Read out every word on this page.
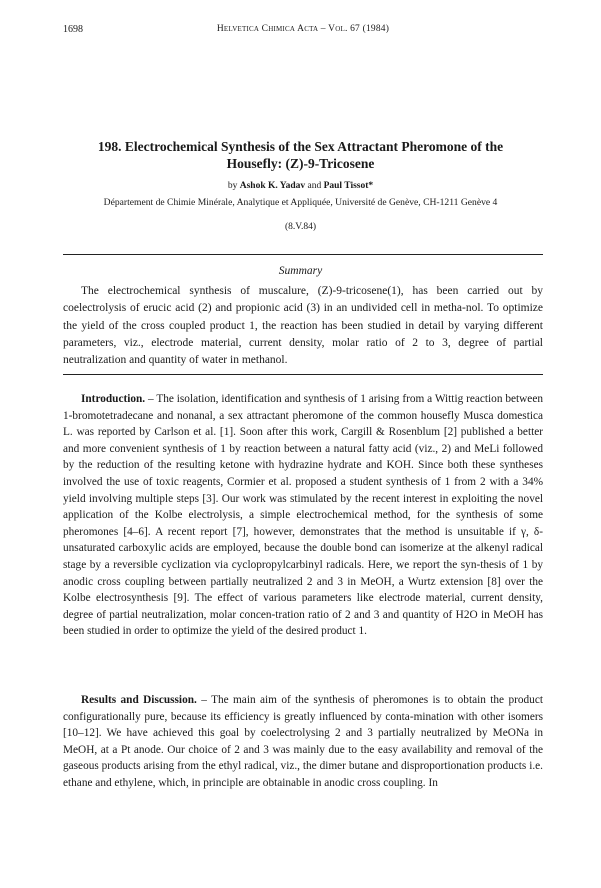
1698	Helvetica Chimica Acta – Vol. 67 (1984)
198. Electrochemical Synthesis of the Sex Attractant Pheromone of the
Housefly: (Z)-9-Tricosene
by Ashok K. Yadav and Paul Tissot*
Département de Chimie Minérale, Analytique et Appliquée, Université de Genève, CH-1211 Genève 4
(8.V.84)
Summary
The electrochemical synthesis of muscalure, (Z)-9-tricosene(1), has been carried out by coelectrolysis of erucic acid (2) and propionic acid (3) in an undivided cell in metha-nol. To optimize the yield of the cross coupled product 1, the reaction has been studied in detail by varying different parameters, viz., electrode material, current density, molar ratio of 2 to 3, degree of partial neutralization and quantity of water in methanol.
Introduction. – The isolation, identification and synthesis of 1 arising from a Wittig reaction between 1-bromotetradecane and nonanal, a sex attractant pheromone of the common housefly Musca domestica L. was reported by Carlson et al. [1]. Soon after this work, Cargill & Rosenblum [2] published a better and more convenient synthesis of 1 by reaction between a natural fatty acid (viz., 2) and MeLi followed by the reduction of the resulting ketone with hydrazine hydrate and KOH. Since both these syntheses involved the use of toxic reagents, Cormier et al. proposed a student synthesis of 1 from 2 with a 34% yield involving multiple steps [3]. Our work was stimulated by the recent interest in exploiting the novel application of the Kolbe electrolysis, a simple electrochemical method, for the synthesis of some pheromones [4–6]. A recent report [7], however, demonstrates that the method is unsuitable if γ, δ-unsaturated carboxylic acids are employed, because the double bond can isomerize at the alkenyl radical stage by a reversible cyclization via cyclopropylcarbinyl radicals. Here, we report the syn-thesis of 1 by anodic cross coupling between partially neutralized 2 and 3 in MeOH, a Wurtz extension [8] over the Kolbe electrosynthesis [9]. The effect of various parameters like electrode material, current density, degree of partial neutralization, molar concen-tration ratio of 2 and 3 and quantity of H2O in MeOH has been studied in order to optimize the yield of the desired product 1.
Results and Discussion. – The main aim of the synthesis of pheromones is to obtain the product configurationally pure, because its efficiency is greatly influenced by conta-mination with other isomers [10–12]. We have achieved this goal by coelectrolysing 2 and 3 partially neutralized by MeONa in MeOH, at a Pt anode. Our choice of 2 and 3 was mainly due to the easy availability and removal of the gaseous products arising from the ethyl radical, viz., the dimer butane and disproportionation products i.e. ethane and ethylene, which, in principle are obtainable in anodic cross coupling. In
